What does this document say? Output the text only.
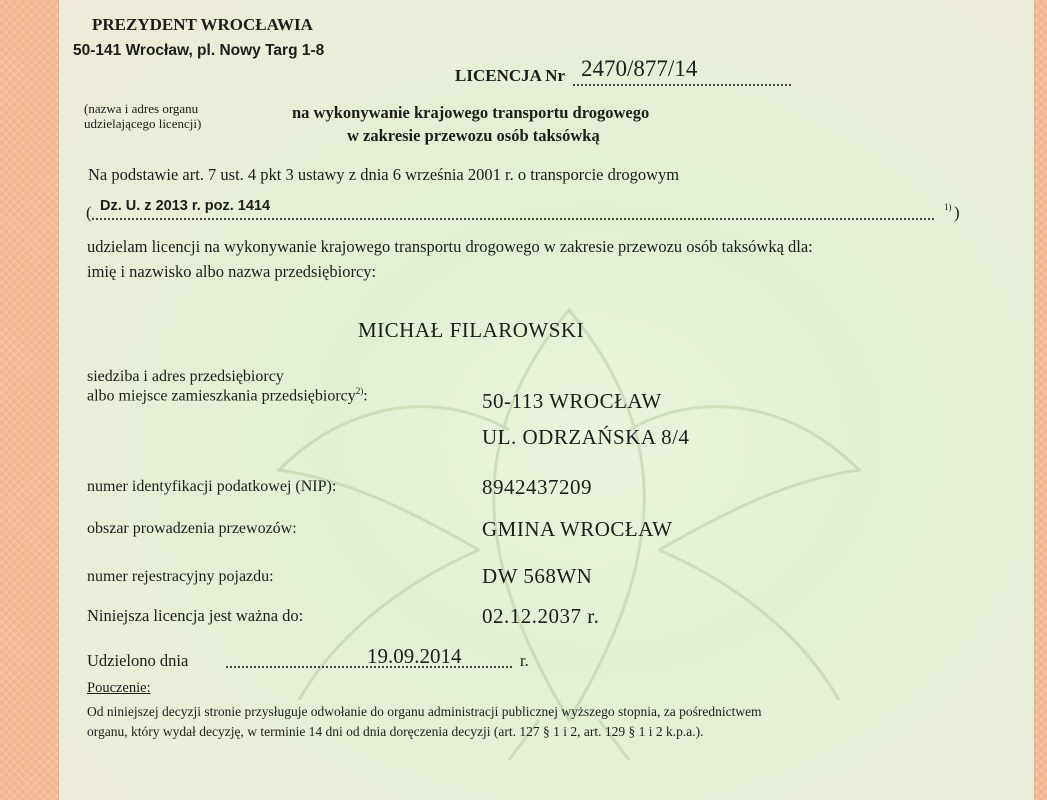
PREZYDENT WROCŁAWIA
50-141 Wrocław, pl. Nowy Targ 1-8
(nazwa i adres organu
udzielającego licencji)
LICENCJA Nr 2470/877/14
na wykonywanie krajowego transportu drogowego
w zakresie przewozu osób taksówką
Na podstawie art. 7 ust. 4 pkt 3 ustawy z dnia 6 września 2001 r. o transporcie drogowym
( Dz. U. z 2013 r. poz. 1414	1) )
udzielam licencji na wykonywanie krajowego transportu drogowego w zakresie przewozu osób taksówką dla:
imię i nazwisko albo nazwa przedsiębiorcy:
MICHAŁ FILAROWSKI
siedziba i adres przedsiębiorcy
albo miejsce zamieszkania przedsiębiorcy$^{2)}$:	50-113 WROCŁAW
UL. ODRZAŃSKA 8/4
numer identyfikacji podatkowej (NIP):	8942437209
obszar prowadzenia przewozów:	GMINA WROCŁAW
numer rejestracyjny pojazdu:	DW 568WN
Niniejsza licencja jest ważna do:	02.12.2037 r.
Udzielono dnia	19.09.2014	r.
Pouczenie:
Od niniejszej decyzji stronie przysługuje odwołanie do organu administracji publicznej wyższego stopnia, za pośrednictwem
organu, który wydał decyzję, w terminie 14 dni od dnia doręczenia decyzji (art. 127 § 1 i 2, art. 129 § 1 i 2 k.p.a.).
